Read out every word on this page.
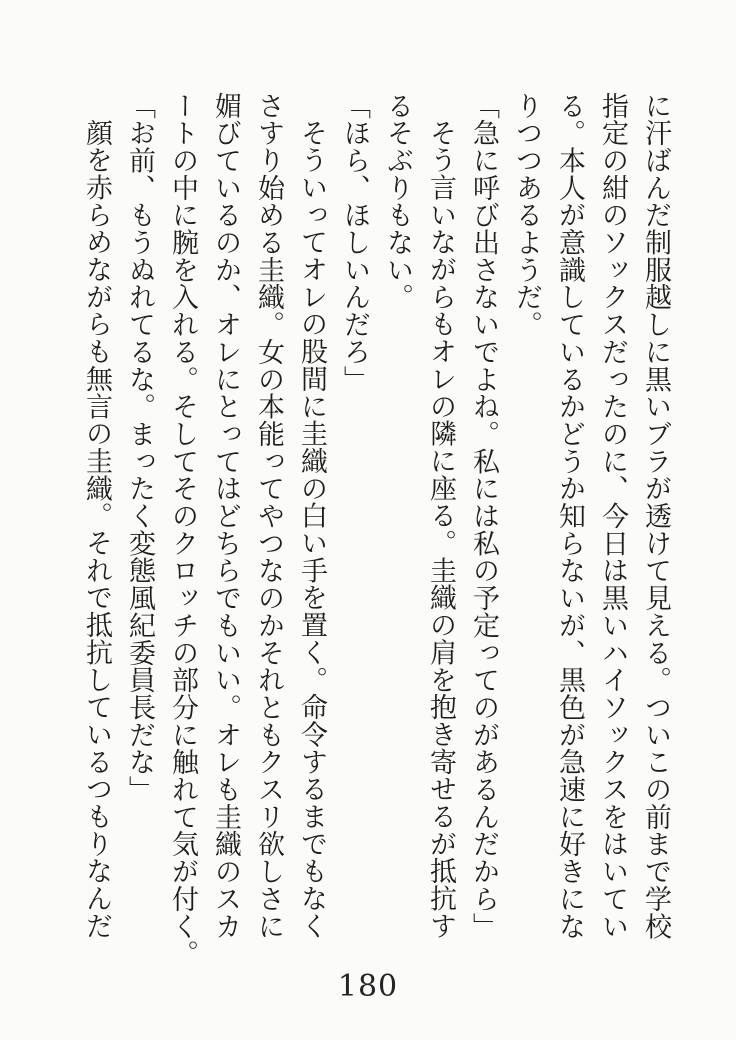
に汗ばんだ制服越しに黒いブラが透けて見える。ついこの前まで学校
指定の紺のソックスだったのに、今日は黒いハイソックスをはいてい
る。本人が意識しているかどうか知らないが、黒色が急速に好きにな
りつつあるようだ。
「急に呼び出さないでよね。私には私の予定ってのがあるんだから」
そう言いながらもオレの隣に座る。圭織の肩を抱き寄せるが抵抗す
るそぶりもない。
「ほら、ほしいんだろ」
そういってオレの股間に圭織の白い手を置く。命令するまでもなく
さすり始める圭織。女の本能ってやつなのかそれともクスリ欲しさに
媚びているのか、オレにとってはどちらでもいい。オレも圭織のスカ
ートの中に腕を入れる。そしてそのクロッチの部分に触れて気が付く。
「お前、もうぬれてるな。まったく変態風紀委員長だな」
顔を赤らめながらも無言の圭織。それで抵抗しているつもりなんだ
180
